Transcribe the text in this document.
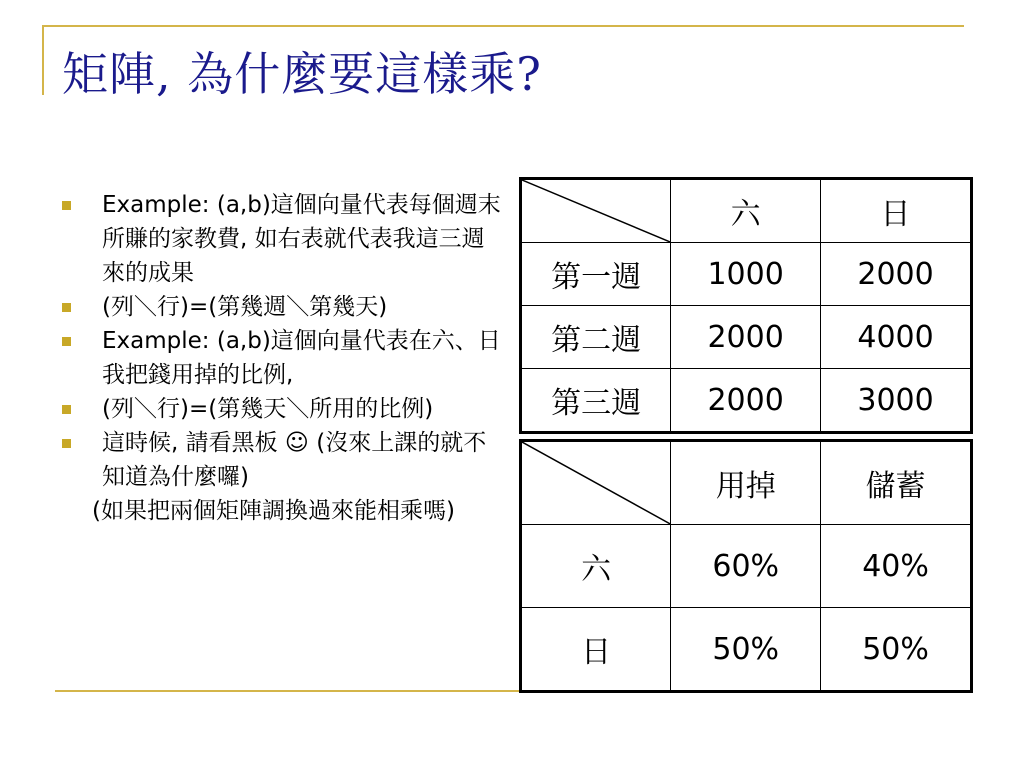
矩陣, 為什麼要這樣乘?
Example: (a,b)這個向量代表每個週末所賺的家教費, 如右表就代表我這三週來的成果
(列＼行)=(第幾週＼第幾天)
Example: (a,b)這個向量代表在六、日我把錢用掉的比例,
(列＼行)=(第幾天＼所用的比例)
這時候, 請看黑板 ☺ (沒來上課的就不知道為什麼囉)
(如果把兩個矩陣調換過來能相乘嗎)
	六	日
第一週	1000	2000
第二週	2000	4000
第三週	2000	3000
	用掉	儲蓄
六	60%	40%
日	50%	50%
